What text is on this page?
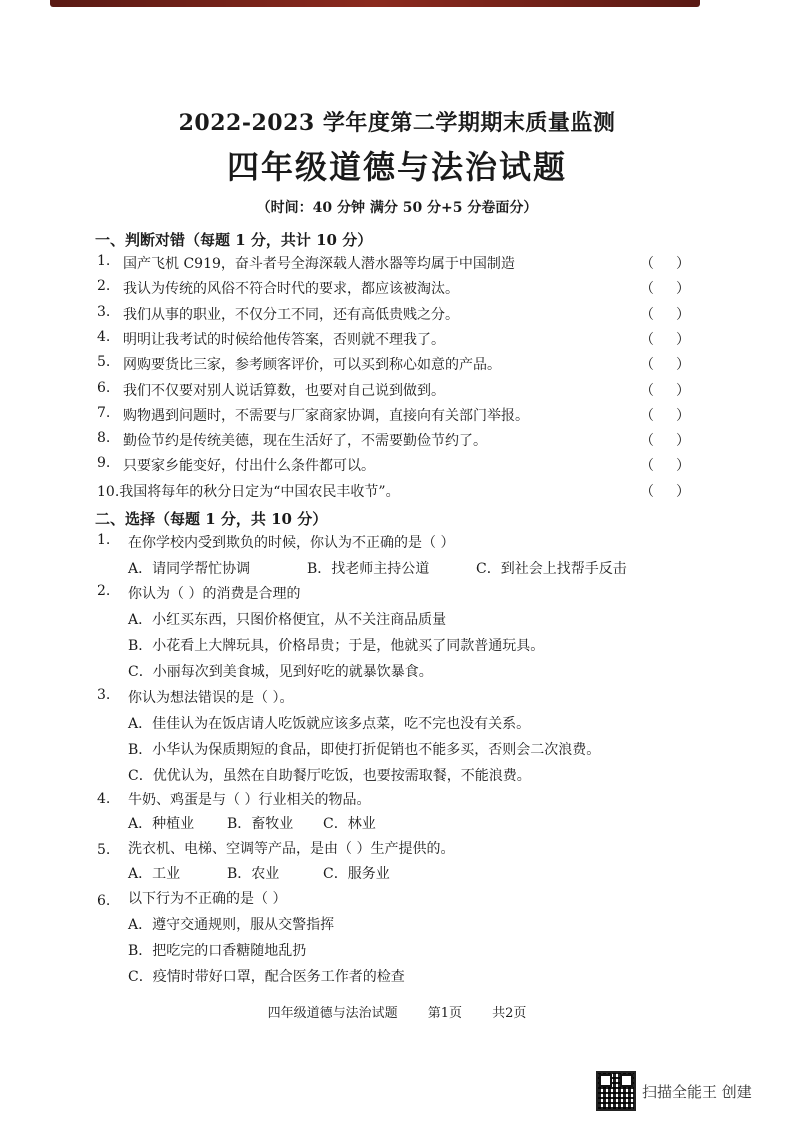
2022-2023 学年度第二学期期末质量监测
四年级道德与法治试题
（时间：40 分钟 满分 50 分+5 分卷面分）
一、判断对错（每题 1 分，共计 10 分）
1. 国产飞机 C919，奋斗者号全海深载人潜水器等均属于中国制造	（ ）
2. 我认为传统的风俗不符合时代的要求，都应该被淘汰。	（ ）
3. 我们从事的职业，不仅分工不同，还有高低贵贱之分。	（ ）
4. 明明让我考试的时候给他传答案，否则就不理我了。	（ ）
5. 网购要货比三家，参考顾客评价，可以买到称心如意的产品。	（ ）
6. 我们不仅要对别人说话算数，也要对自己说到做到。	（ ）
7. 购物遇到问题时，不需要与厂家商家协调，直接向有关部门举报。	（ ）
8. 勤俭节约是传统美德，现在生活好了，不需要勤俭节约了。	（ ）
9. 只要家乡能变好，付出什么条件都可以。	（ ）
10.我国将每年的秋分日定为“中国农民丰收节”。	（ ）
二、选择（每题 1 分，共 10 分）
1. 在你学校内受到欺负的时候，你认为不正确的是（ ）
A．请同学帮忙协调	B．找老师主持公道	C．到社会上找帮手反击
2. 你认为（ ）的消费是合理的
A．小红买东西，只图价格便宜，从不关注商品质量
B．小花看上大牌玩具，价格昂贵；于是，他就买了同款普通玩具。
C．小丽每次到美食城，见到好吃的就暴饮暴食。
3. 你认为想法错误的是（ ）。
A．佳佳认为在饭店请人吃饭就应该多点菜，吃不完也没有关系。
B．小华认为保质期短的食品，即使打折促销也不能多买，否则会二次浪费。
C．优优认为，虽然在自助餐厅吃饭，也要按需取餐，不能浪费。
4. 牛奶、鸡蛋是与（ ）行业相关的物品。
A．种植业 B．畜牧业 C．林业
5. 洗衣机、电梯、空调等产品，是由（ ）生产提供的。
A．工业	B．农业	C．服务业
6. 以下行为不正确的是（ ）
A．遵守交通规则，服从交警指挥
B．把吃完的口香糖随地乱扔
C．疫情时带好口罩，配合医务工作者的检查
四年级道德与法治试题 第1页 共2页
扫描全能王 创建
